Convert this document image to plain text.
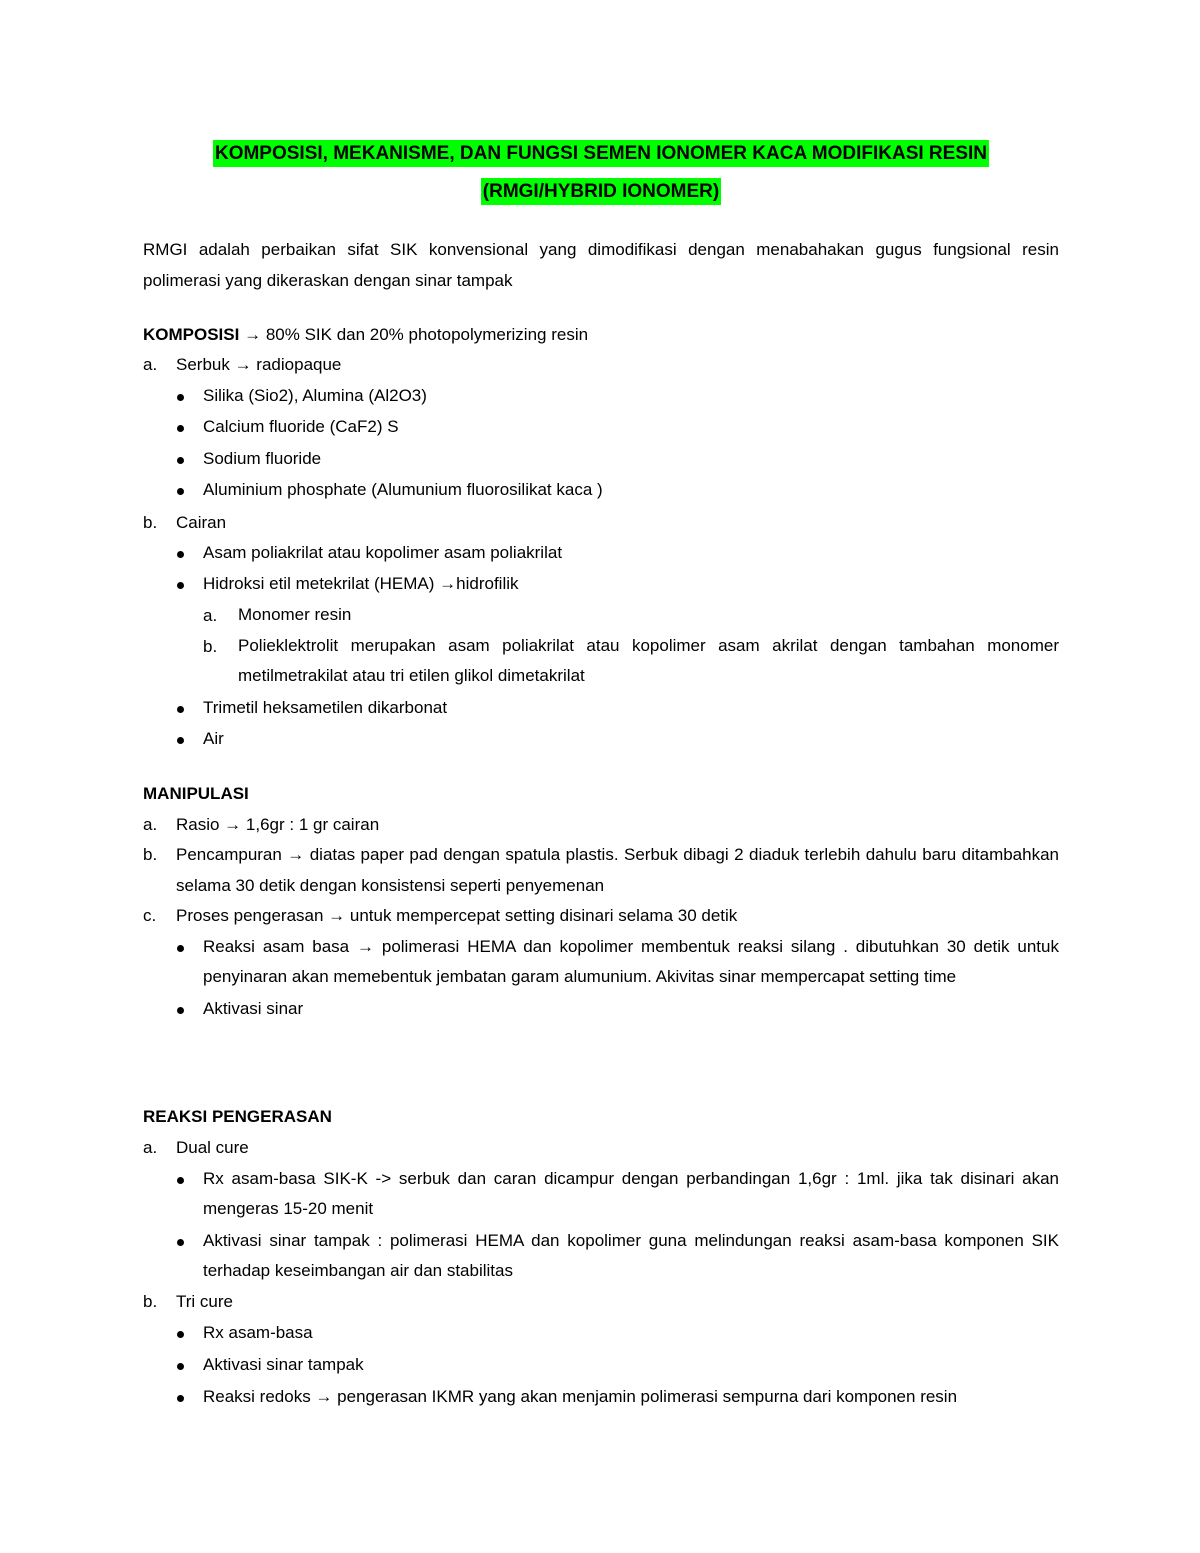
KOMPOSISI, MEKANISME, DAN FUNGSI SEMEN IONOMER KACA MODIFIKASI RESIN
(RMGI/HYBRID IONOMER)
RMGI adalah perbaikan sifat SIK konvensional yang dimodifikasi dengan menabahakan gugus fungsional resin polimerasi yang dikeraskan dengan sinar tampak
KOMPOSISI → 80% SIK dan 20% photopolymerizing resin
a. Serbuk → radiopaque
Silika (Sio2), Alumina (Al2O3)
Calcium fluoride (CaF2) S
Sodium fluoride
Aluminium phosphate (Alumunium fluorosilikat kaca )
b. Cairan
Asam poliakrilat atau kopolimer asam poliakrilat
Hidroksi etil metekrilat (HEMA) →hidrofilik
a. Monomer resin
b. Polieklektrolit merupakan asam poliakrilat atau kopolimer asam akrilat dengan tambahan monomer metilmetrakilat atau tri etilen glikol dimetakrilat
Trimetil heksametilen dikarbonat
Air
MANIPULASI
a. Rasio → 1,6gr : 1 gr cairan
b. Pencampuran → diatas paper pad dengan spatula plastis. Serbuk dibagi 2 diaduk terlebih dahulu baru ditambahkan selama 30 detik dengan konsistensi seperti penyemenan
c. Proses pengerasan → untuk mempercepat setting disinari selama 30 detik
Reaksi asam basa → polimerasi HEMA dan kopolimer membentuk reaksi silang . dibutuhkan 30 detik untuk penyinaran akan memebentuk jembatan garam alumunium. Akivitas sinar mempercapat setting time
Aktivasi sinar
REAKSI PENGERASAN
a. Dual cure
Rx asam-basa SIK-K -> serbuk dan caran dicampur dengan perbandingan 1,6gr : 1ml. jika tak disinari akan mengeras 15-20 menit
Aktivasi sinar tampak : polimerasi HEMA dan kopolimer guna melindungan reaksi asam-basa komponen SIK terhadap keseimbangan air dan stabilitas
b. Tri cure
Rx asam-basa
Aktivasi sinar tampak
Reaksi redoks → pengerasan IKMR yang akan menjamin polimerasi sempurna dari komponen resin
